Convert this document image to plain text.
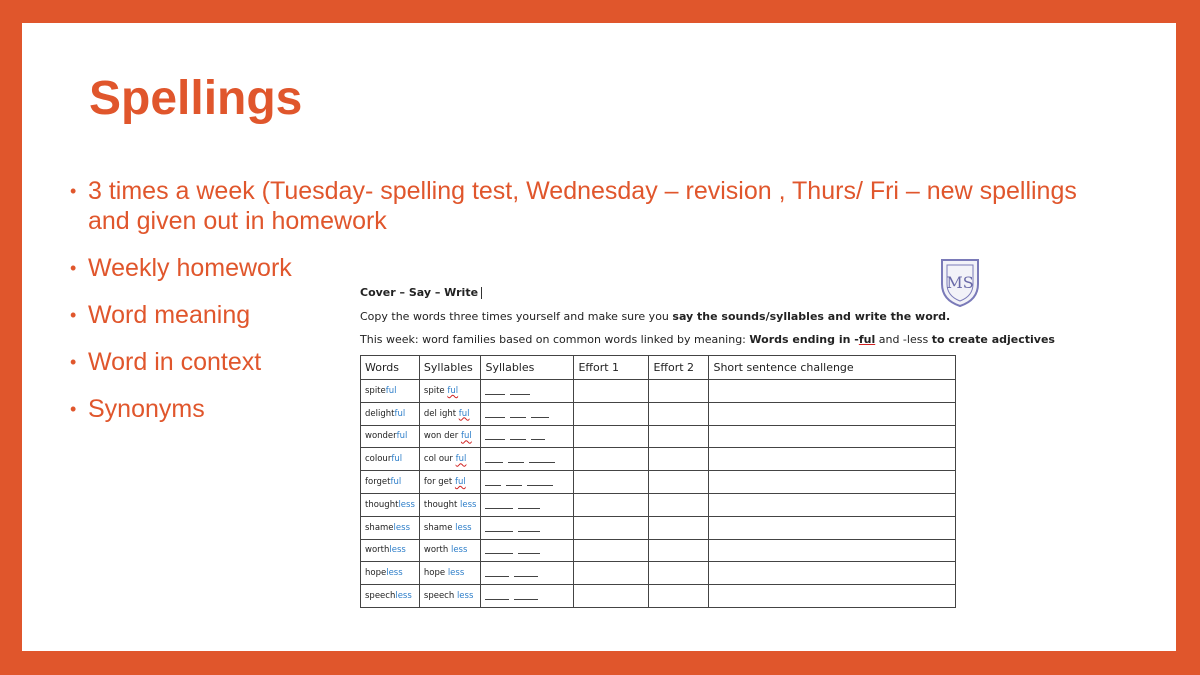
Spellings
• 3 times a week (Tuesday- spelling test, Wednesday – revision , Thurs/ Fri – new spellings and given out in homework
• Weekly homework
• Word meaning
• Word in context
• Synonyms
MS
Cover – Say – Write
Copy the words three times yourself and make sure you say the sounds/syllables and write the word.
This week: word families based on common words linked by meaning: Words ending in -ful and -less to create adjectives
Words	Syllables	Syllables	Effort 1	Effort 2	Short sentence challenge
spiteful	spite ful				
delightful	del ight ful				
wonderful	won der ful				
colourful	col our ful				
forgetful	for get ful				
thoughtless	thought less				
shameless	shame less				
worthless	worth less				
hopeless	hope less				
speechless	speech less				
